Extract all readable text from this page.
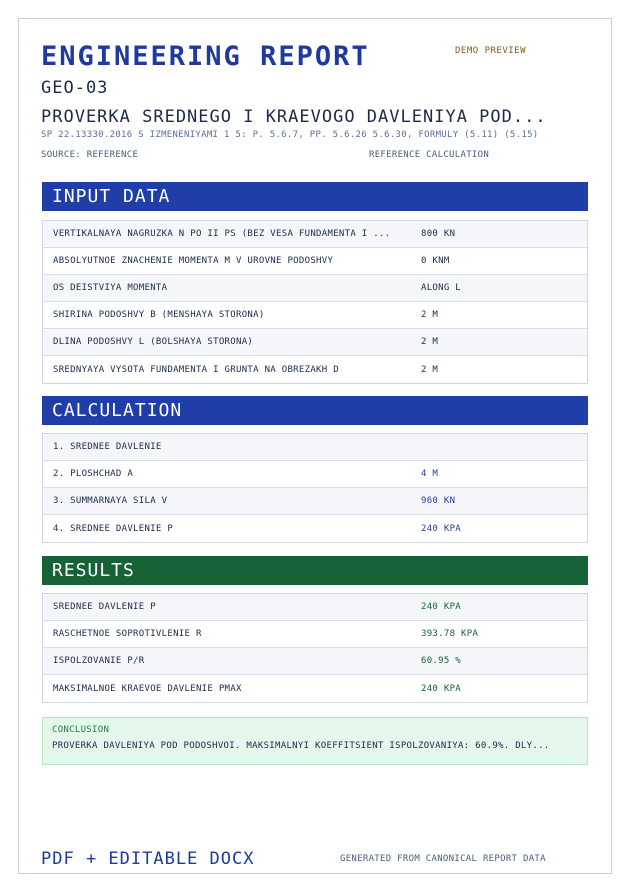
ENGINEERING REPORT	DEMO PREVIEW
GEO-03
PROVERKA SREDNEGO I KRAEVOGO DAVLENIYA POD...
SP 22.13330.2016 S IZMENENIYAMI 1 5: P. 5.6.7, PP. 5.6.26 5.6.30, FORMULY (5.11) (5.15)
SOURCE: REFERENCE	REFERENCE CALCULATION
INPUT DATA
VERTIKALNAYA NAGRUZKA N PO II PS (BEZ VESA FUNDAMENTA I ...	800 KN
ABSOLYUTNOE ZNACHENIE MOMENTA M V UROVNE PODOSHVY	0 KNM
OS DEISTVIYA MOMENTA	ALONG L
SHIRINA PODOSHVY B (MENSHAYA STORONA)	2 M
DLINA PODOSHVY L (BOLSHAYA STORONA)	2 M
SREDNYAYA VYSOTA FUNDAMENTA I GRUNTA NA OBREZAKH D	2 M
CALCULATION
1. SREDNEE DAVLENIE
2. PLOSHCHAD A	4 M
3. SUMMARNAYA SILA V	960 KN
4. SREDNEE DAVLENIE P	240 KPA
RESULTS
SREDNEE DAVLENIE P	240 KPA
RASCHETNOE SOPROTIVLENIE R	393.78 KPA
ISPOLZOVANIE P/R	60.95 %
MAKSIMALNOE KRAEVOE DAVLENIE PMAX	240 KPA
CONCLUSION
PROVERKA DAVLENIYA POD PODOSHVOI. MAKSIMALNYI KOEFFITSIENT ISPOLZOVANIYA: 60.9%. DLY...
PDF + EDITABLE DOCX	GENERATED FROM CANONICAL REPORT DATA
